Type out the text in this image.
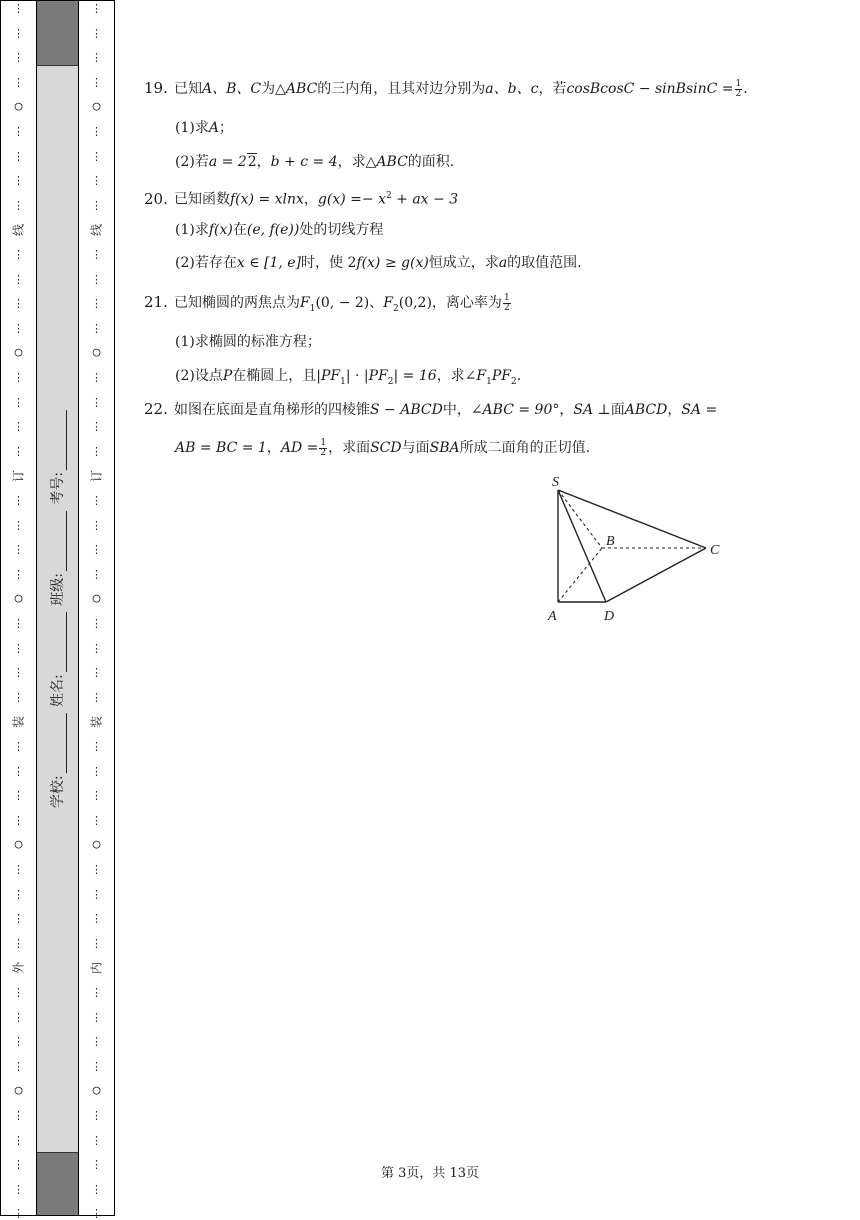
⋮
⋮
⋮
⋮
○
⋮
⋮
⋮
⋮
线
⋮
⋮
⋮
⋮
○
⋮
⋮
⋮
⋮
订
⋮
⋮
⋮
⋮
○
⋮
⋮
⋮
⋮
装
⋮
⋮
⋮
⋮
○
⋮
⋮
⋮
⋮
外
⋮
⋮
⋮
⋮
○
⋮
⋮
⋮
⋮
⋮
⋮
⋮
⋮
⋮
○
⋮
⋮
⋮
⋮
线
⋮
⋮
⋮
⋮
○
⋮
⋮
⋮
⋮
订
⋮
⋮
⋮
⋮
○
⋮
⋮
⋮
⋮
装
⋮
⋮
⋮
⋮
○
⋮
⋮
⋮
⋮
内
⋮
⋮
⋮
⋮
○
⋮
⋮
⋮
⋮
⋮
学校: 姓名: 班级: 考号:
19. 已知A、B、C为△ABC的三内角，且其对边分别为a、b、c，若cosBcosC − sinBsinC = $\frac{1}{2}$ .
(1)求A；
(2)若a = 22，b + c = 4，求△ABC的面积.
20. 已知函数f(x) = xlnx，$g(x) =- x^2$ + ax − 3
(1)求f(x)在(e, f(e))处的切线方程
(2)若存在x ∈ [1, e]时，使 2f(x) ≥ g(x)恒成立，求a的取值范围.
21. 已知椭圆的两焦点为$F_1(0$, − 2)、$F_2(0,2)$，离心率为 $\frac{1}{2}$
(1)求椭圆的标准方程；
(2)设点P在椭圆上，且$|PF_1| \cdot |PF_2| = 16$，求$\angle F_1PF_2$.
22. 如图在底面是直角梯形的四棱锥S − ABCD中，∠ABC = 90°，SA ⊥面ABCD，SA =
AB = BC = 1，AD = $\frac{1}{2}$ ，求面SCD与面SBA所成二面角的正切值.
S
A
B
C
D
第 3页，共 13页
